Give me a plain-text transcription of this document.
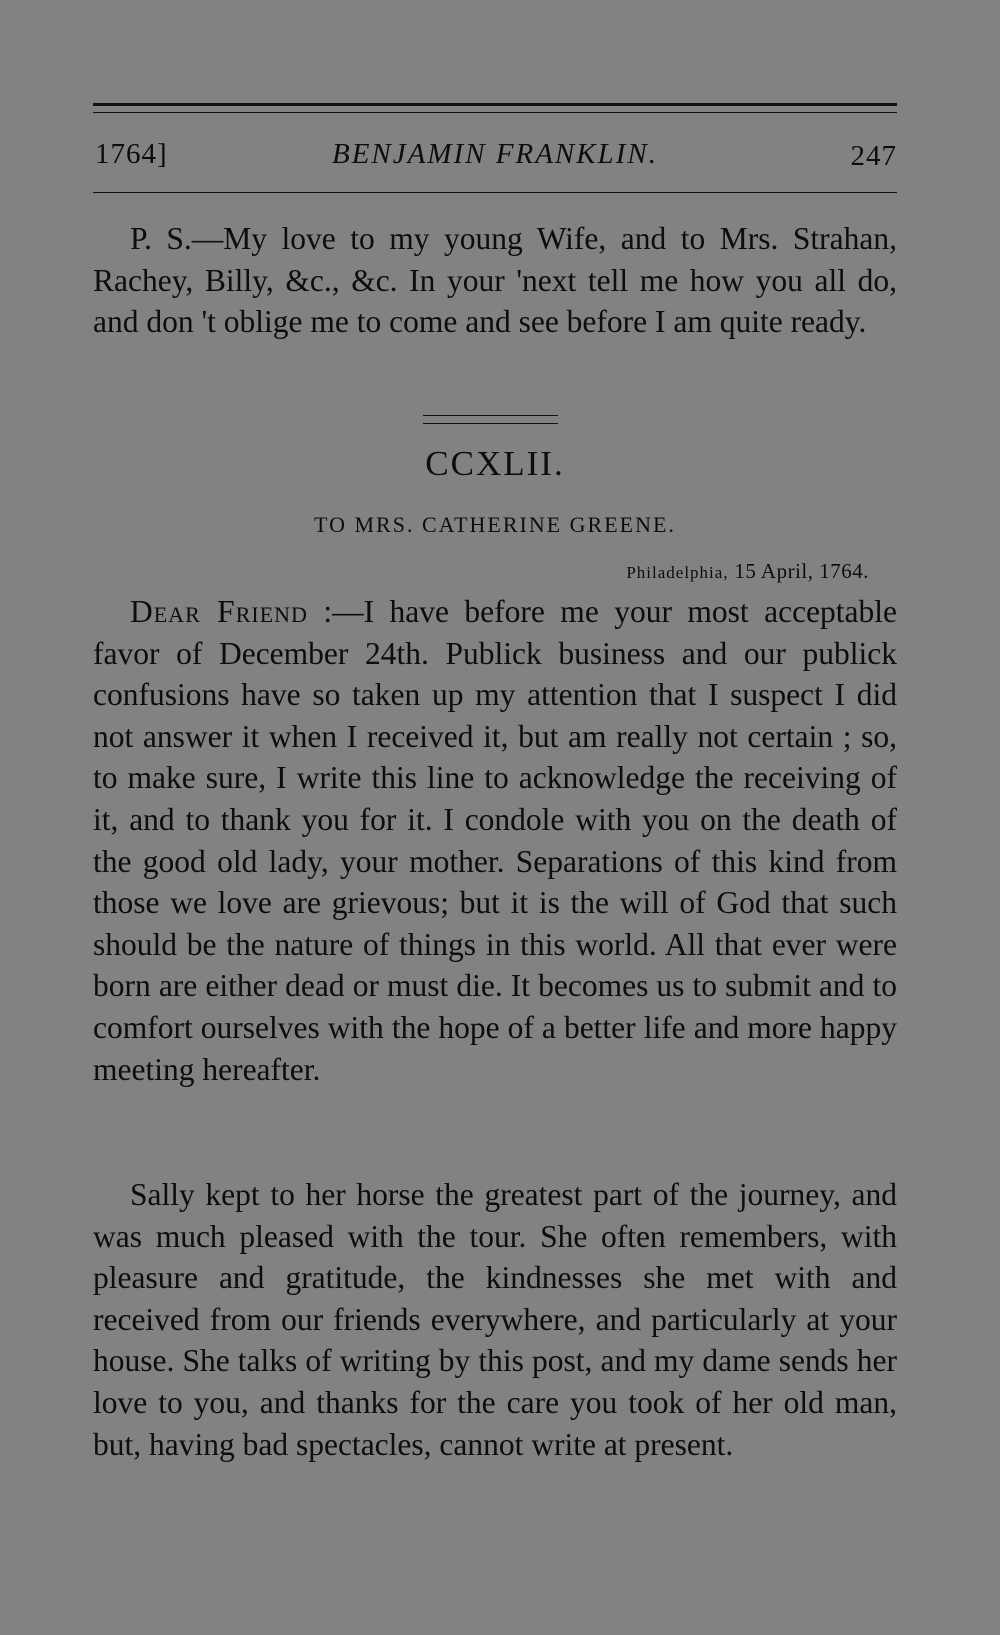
1764]	BENJAMIN FRANKLIN.	247

P. S.—My love to my young Wife, and to Mrs. Strahan, Rachey, Billy, &c., &c. In your 'next tell me how you all do, and don 't oblige me to come and see before I am quite ready.

CCXLII.
TO MRS. CATHERINE GREENE.
Philadelphia, 15 April, 1764.

Dear Friend :—I have before me your most acceptable favor of December 24th. Publick business and our publick confusions have so taken up my attention that I suspect I did not answer it when I received it, but am really not certain ; so, to make sure, I write this line to acknowledge the receiving of it, and to thank you for it. I condole with you on the death of the good old lady, your mother. Separations of this kind from those we love are grievous; but it is the will of God that such should be the nature of things in this world. All that ever were born are either dead or must die. It becomes us to submit and to comfort ourselves with the hope of a better life and more happy meeting hereafter.

Sally kept to her horse the greatest part of the journey, and was much pleased with the tour. She often remembers, with pleasure and gratitude, the kindnesses she met with and received from our friends everywhere, and particularly at your house. She talks of writing by this post, and my dame sends her love to you, and thanks for the care you took of her old man, but, having bad spectacles, cannot write at present.
